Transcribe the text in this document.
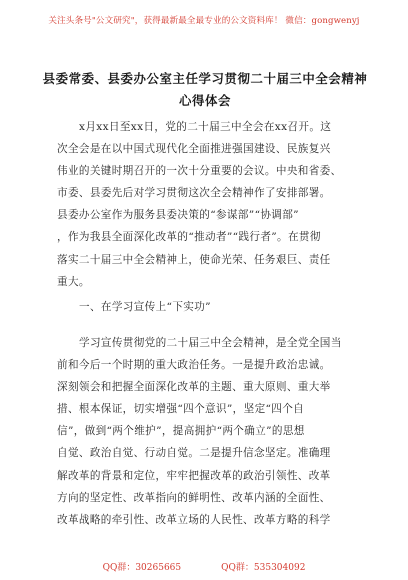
关注头条号"公文研究"，获得最新最全最专业的公文资料库！ 微信：gongwenyj
县委常委、县委办公室主任学习贯彻二十届三中全会精神
心得体会
x月xx日至xx日，党的二十届三中全会在xx召开。这
次全会是在以中国式现代化全面推进强国建设、民族复兴
伟业的关键时期召开的一次十分重要的会议。中央和省委、
市委、县委先后对学习贯彻这次全会精神作了安排部署。
县委办公室作为服务县委决策的“参谋部”“协调部”
，作为我县全面深化改革的“推动者”“践行者”。在贯彻
落实二十届三中全会精神上，使命光荣、任务艰巨、责任
重大。
一、在学习宣传上“下实功”
学习宣传贯彻党的二十届三中全会精神，是全党全国当
前和今后一个时期的重大政治任务。一是提升政治忠诚。
深刻领会和把握全面深化改革的主题、重大原则、重大举
措、根本保证，切实增强“四个意识”，坚定“四个自
信”，做到“两个维护”，提高拥护“两个确立”的思想
自觉、政治自觉、行动自觉。二是提升信念坚定。准确理
解改革的背景和定位，牢牢把握改革的政治引领性、改革
方向的坚定性、改革指向的鲜明性、改革内涵的全面性、
改革战略的牵引性、改革立场的人民性、改革方略的科学
QQ群：30265665	QQ群：535304092
